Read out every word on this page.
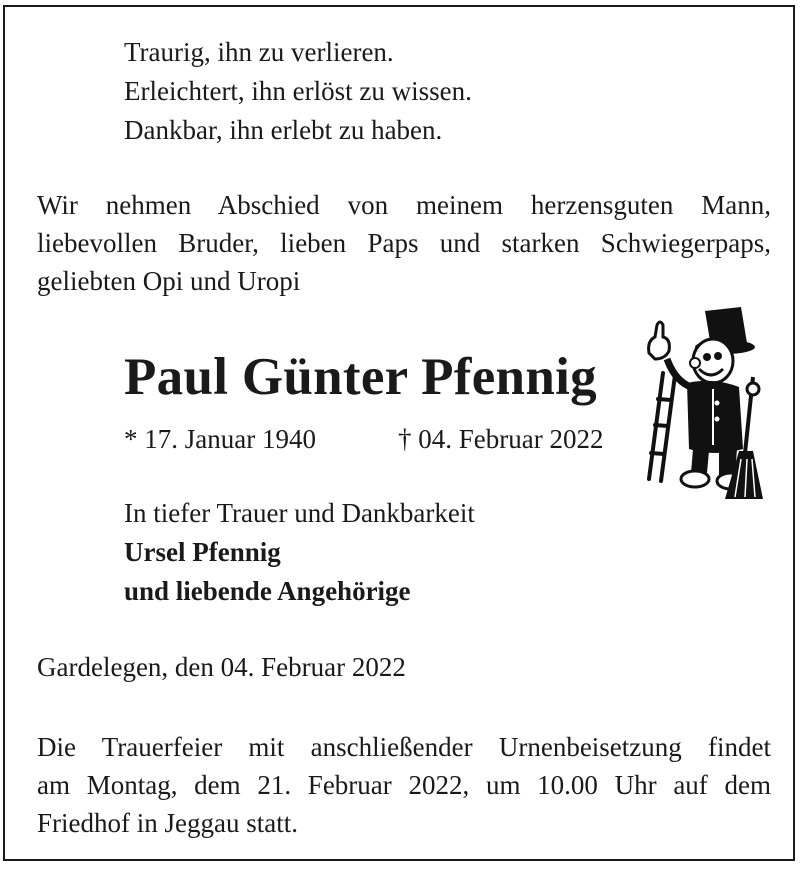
Traurig, ihn zu verlieren.
Erleichtert, ihn erlöst zu wissen.
Dankbar, ihn erlebt zu haben.
Wir nehmen Abschied von meinem herzensguten Mann,
liebevollen Bruder, lieben Paps und starken Schwiegerpaps,
geliebten Opi und Uropi
Paul Günter Pfennig
* 17. Januar 1940	† 04. Februar 2022
In tiefer Trauer und Dankbarkeit
Ursel Pfennig
und liebende Angehörige
Gardelegen, den 04. Februar 2022
Die Trauerfeier mit anschließender Urnenbeisetzung findet
am Montag, dem 21. Februar 2022, um 10.00 Uhr auf dem
Friedhof in Jeggau statt.
